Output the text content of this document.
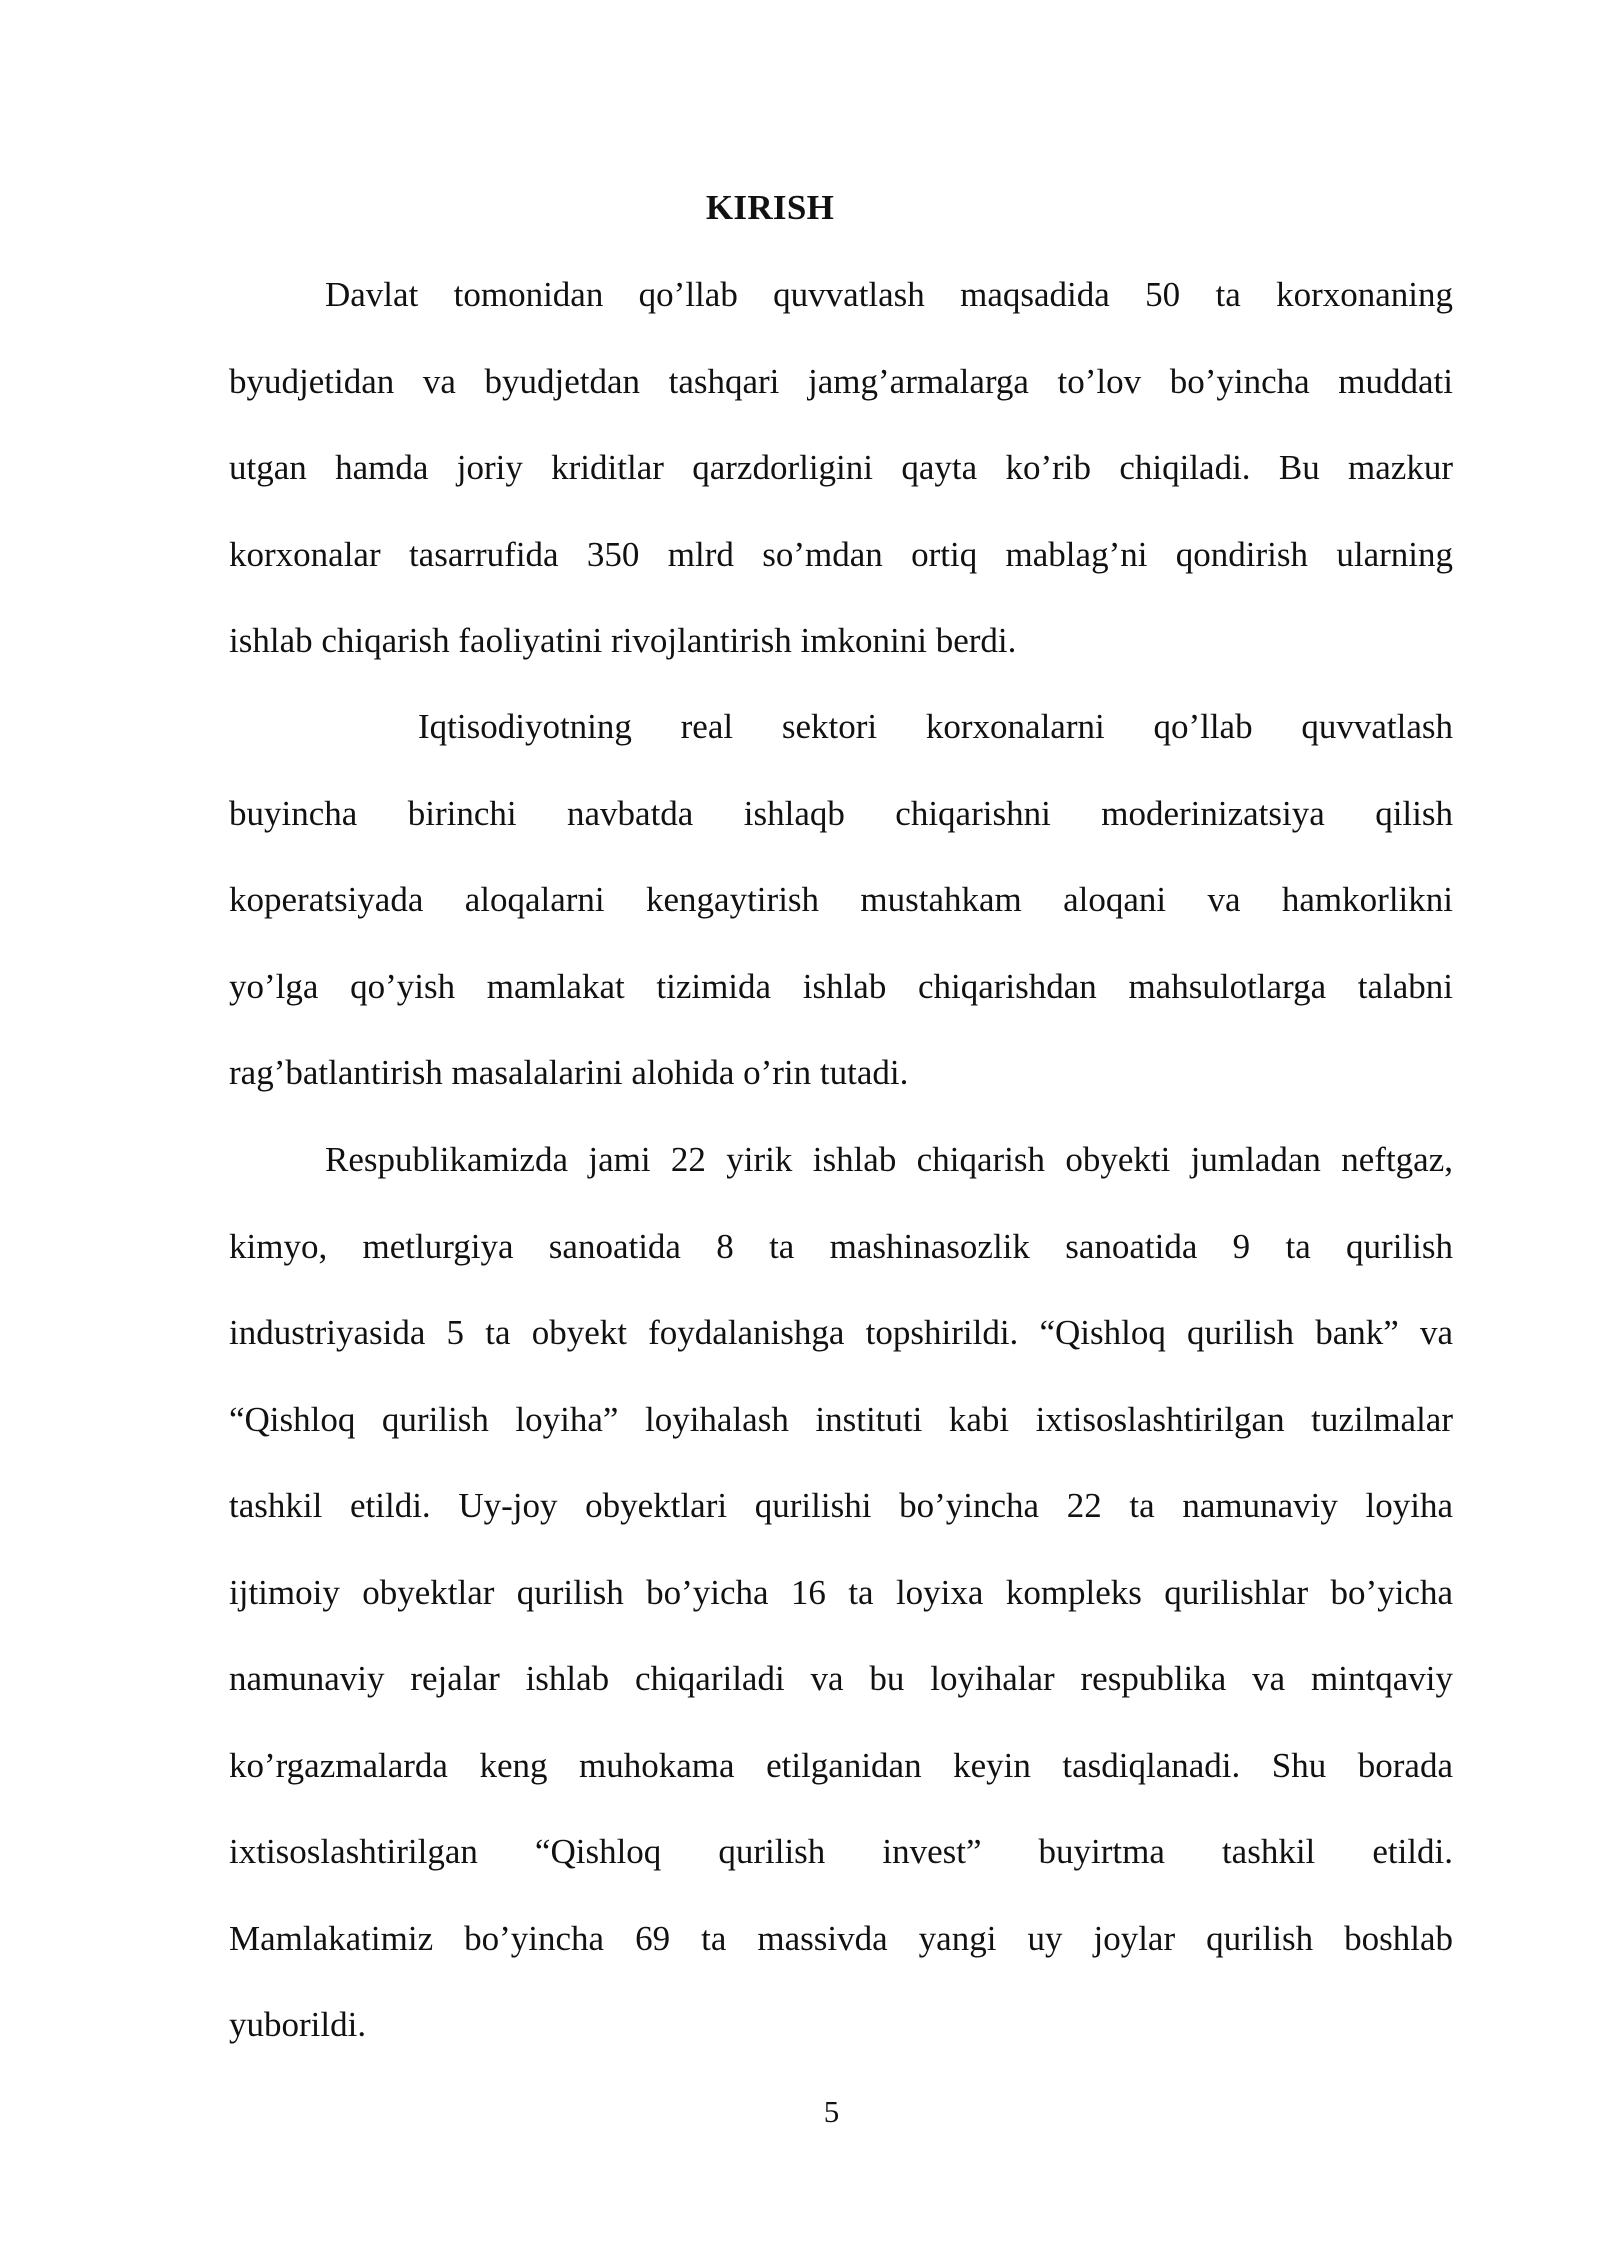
KIRISH
Davlat tomonidan qo’llab quvvatlash maqsadida 50 ta korxonaning
byudjetidan va byudjetdan tashqari jamg’armalarga to’lov bo’yincha muddati
utgan hamda joriy kriditlar qarzdorligini qayta ko’rib chiqiladi. Bu mazkur
korxonalar tasarrufida 350 mlrd so’mdan ortiq mablag’ni qondirish ularning
ishlab chiqarish faoliyatini rivojlantirish imkonini berdi.
Iqtisodiyotning real sektori korxonalarni qo’llab quvvatlash
buyincha birinchi navbatda ishlaqb chiqarishni moderinizatsiya qilish
koperatsiyada aloqalarni kengaytirish mustahkam aloqani va hamkorlikni
yo’lga qo’yish mamlakat tizimida ishlab chiqarishdan mahsulotlarga talabni
rag’batlantirish masalalarini alohida o’rin tutadi.
Respublikamizda jami 22 yirik ishlab chiqarish obyekti jumladan neftgaz,
kimyo, metlurgiya sanoatida 8 ta mashinasozlik sanoatida 9 ta qurilish
industriyasida 5 ta obyekt foydalanishga topshirildi. “Qishloq qurilish bank” va
“Qishloq qurilish loyiha” loyihalash instituti kabi ixtisoslashtirilgan tuzilmalar
tashkil etildi. Uy-joy obyektlari qurilishi bo’yincha 22 ta namunaviy loyiha
ijtimoiy obyektlar qurilish bo’yicha 16 ta loyixa kompleks qurilishlar bo’yicha
namunaviy rejalar ishlab chiqariladi va bu loyihalar respublika va mintqaviy
ko’rgazmalarda keng muhokama etilganidan keyin tasdiqlanadi. Shu borada
ixtisoslashtirilgan “Qishloq qurilish invest” buyirtma tashkil etildi.
Mamlakatimiz bo’yincha 69 ta massivda yangi uy joylar qurilish boshlab
yuborildi.
5
